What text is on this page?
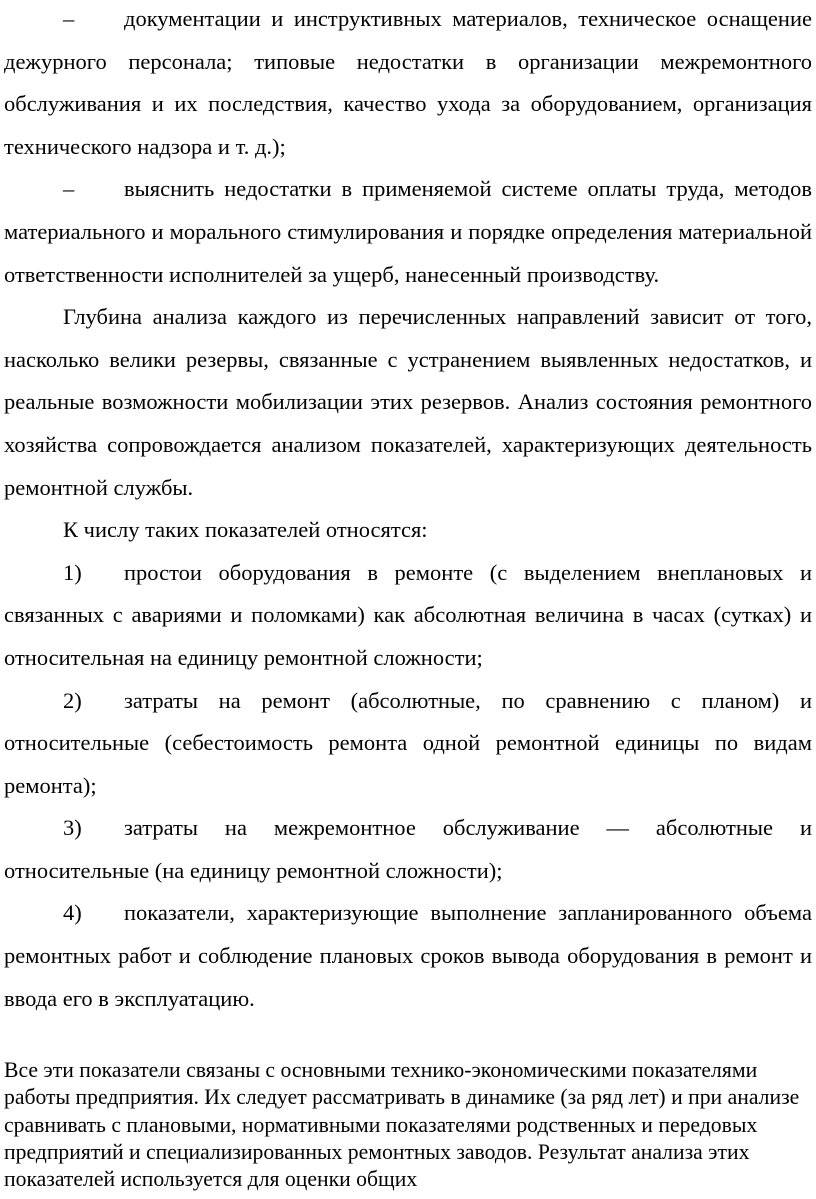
– документации и инструктивных материалов, техническое оснащение дежурного персонала; типовые недостатки в организации межремонтного обслуживания и их последствия, качество ухода за оборудованием, организация технического надзора и т. д.);

– выяснить недостатки в применяемой системе оплаты труда, методов материального и морального стимулирования и порядке определения материальной ответственности исполнителей за ущерб, нанесенный производству.

Глубина анализа каждого из перечисленных направлений зависит от того, насколько велики резервы, связанные с устранением выявленных недостатков, и реальные возможности мобилизации этих резервов. Анализ состояния ремонтного хозяйства сопровождается анализом показателей, характеризующих деятельность ремонтной службы.

К числу таких показателей относятся:

1) простои оборудования в ремонте (с выделением внеплановых и связанных с авариями и поломками) как абсолютная величина в часах (сутках) и относительная на единицу ремонтной сложности;

2) затраты на ремонт (абсолютные, по сравнению с планом) и относительные (себестоимость ремонта одной ремонтной единицы по видам ремонта);

3) затраты на межремонтное обслуживание — абсолютные и относительные (на единицу ремонтной сложности);

4) показатели, характеризующие выполнение запланированного объема ремонтных работ и соблюдение плановых сроков вывода оборудования в ремонт и ввода его в эксплуатацию.

Все эти показатели связаны с основными технико-экономическими показателями работы предприятия. Их следует рассматривать в динамике (за ряд лет) и при анализе сравнивать с плановыми, нормативными показателями родственных и передовых предприятий и специализированных ремонтных заводов. Результат анализа этих показателей используется для оценки общих
